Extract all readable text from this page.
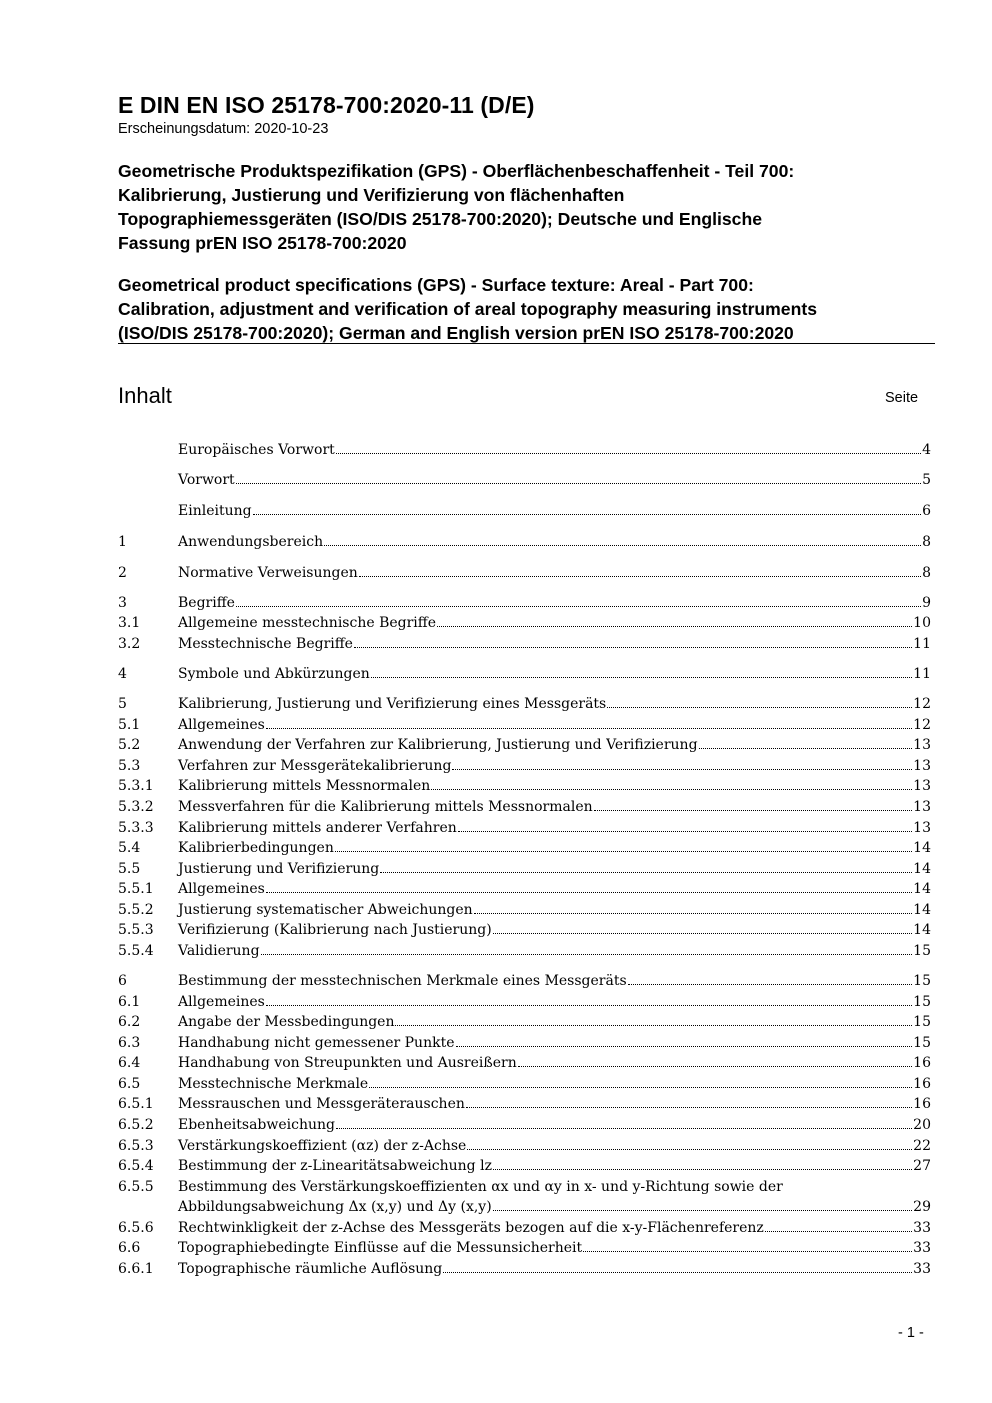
E DIN EN ISO 25178-700:2020-11 (D/E)
Erscheinungsdatum: 2020-10-23
Geometrische Produktspezifikation (GPS) - Oberflächenbeschaffenheit - Teil 700:
Kalibrierung, Justierung und Verifizierung von flächenhaften
Topographiemessgeräten (ISO/DIS 25178-700:2020); Deutsche und Englische
Fassung prEN ISO 25178-700:2020
Geometrical product specifications (GPS) - Surface texture: Areal - Part 700:
Calibration, adjustment and verification of areal topography measuring instruments
(ISO/DIS 25178-700:2020); German and English version prEN ISO 25178-700:2020
Inhalt	Seite
Europäisches Vorwort	4
Vorwort	5
Einleitung	6
1	Anwendungsbereich	8
2	Normative Verweisungen	8
3	Begriffe	9
3.1	Allgemeine messtechnische Begriffe	10
3.2	Messtechnische Begriffe	11
4	Symbole und Abkürzungen	11
5	Kalibrierung, Justierung und Verifizierung eines Messgeräts	12
5.1	Allgemeines	12
5.2	Anwendung der Verfahren zur Kalibrierung, Justierung und Verifizierung	13
5.3	Verfahren zur Messgerätekalibrierung	13
5.3.1	Kalibrierung mittels Messnormalen	13
5.3.2	Messverfahren für die Kalibrierung mittels Messnormalen	13
5.3.3	Kalibrierung mittels anderer Verfahren	13
5.4	Kalibrierbedingungen	14
5.5	Justierung und Verifizierung	14
5.5.1	Allgemeines	14
5.5.2	Justierung systematischer Abweichungen	14
5.5.3	Verifizierung (Kalibrierung nach Justierung)	14
5.5.4	Validierung	15
6	Bestimmung der messtechnischen Merkmale eines Messgeräts	15
6.1	Allgemeines	15
6.2	Angabe der Messbedingungen	15
6.3	Handhabung nicht gemessener Punkte	15
6.4	Handhabung von Streupunkten und Ausreißern	16
6.5	Messtechnische Merkmale	16
6.5.1	Messrauschen und Messgeräterauschen	16
6.5.2	Ebenheitsabweichung	20
6.5.3	Verstärkungskoeffizient (αz) der z-Achse	22
6.5.4	Bestimmung der z-Linearitätsabweichung lz	27
6.5.5	Bestimmung des Verstärkungskoeffizienten αx und αy in x- und y-Richtung sowie der
Abbildungsabweichung Δx (x,y) und Δy (x,y)	29
6.5.6	Rechtwinkligkeit der z-Achse des Messgeräts bezogen auf die x-y-Flächenreferenz	33
6.6	Topographiebedingte Einflüsse auf die Messunsicherheit	33
6.6.1	Topographische räumliche Auflösung	33
- 1 -
